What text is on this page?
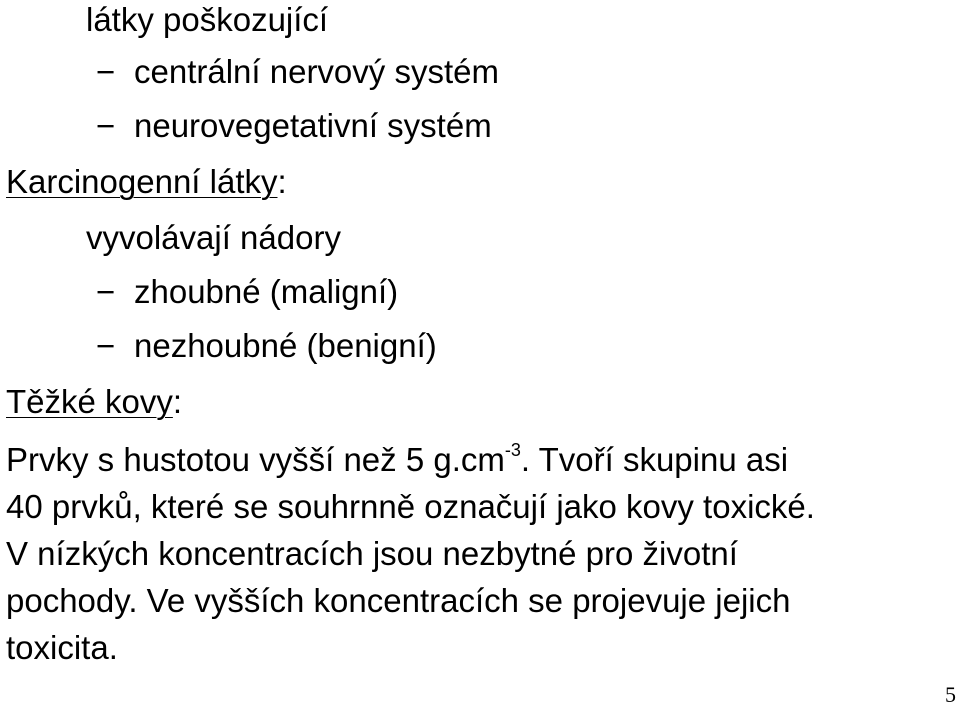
látky poškozující
− centrální nervový systém
− neurovegetativní systém
Karcinogenní látky:
vyvolávají nádory
− zhoubné (maligní)
− nezhoubné (benigní)
Těžké kovy:
Prvky s hustotou vyšší než 5 $g.cm^{-3}$. Tvoří skupinu asi
40 prvků, které se souhrnně označují jako kovy toxické.
V nízkých koncentracích jsou nezbytné pro životní
pochody. Ve vyšších koncentracích se projevuje jejich
toxicita.
5
